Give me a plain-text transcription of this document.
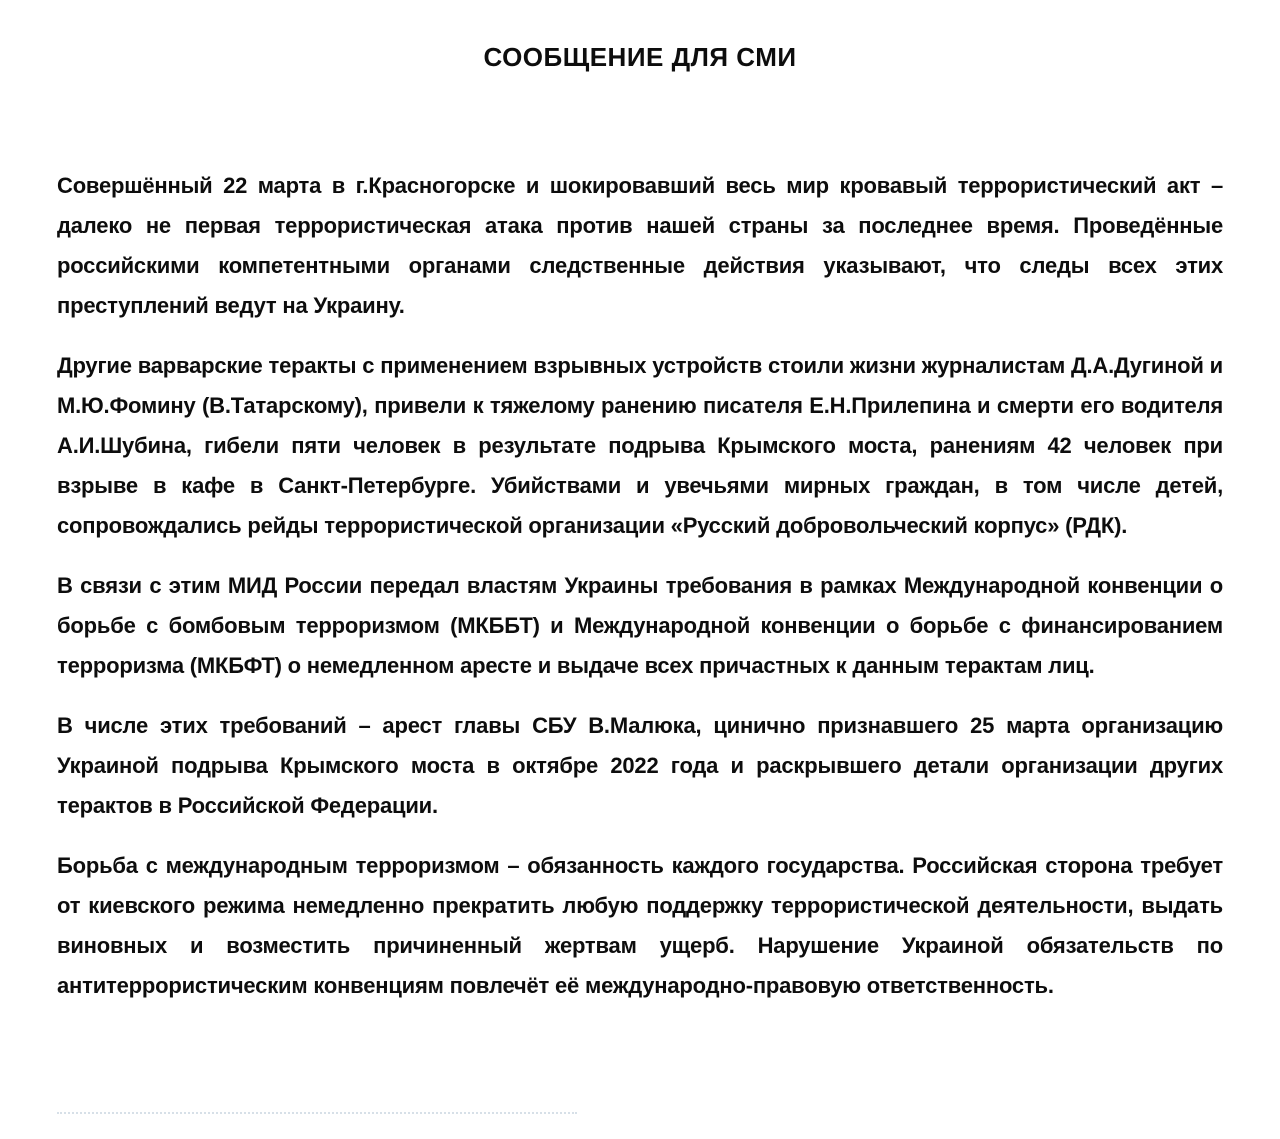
СООБЩЕНИЕ ДЛЯ СМИ

Совершённый 22 марта в г.Красногорске и шокировавший весь мир кровавый террористический акт – далеко не первая террористическая атака против нашей страны за последнее время. Проведённые российскими компетентными органами следственные действия указывают, что следы всех этих преступлений ведут на Украину.

Другие варварские теракты с применением взрывных устройств стоили жизни журналистам Д.А.Дугиной и М.Ю.Фомину (В.Татарскому), привели к тяжелому ранению писателя Е.Н.Прилепина и смерти его водителя А.И.Шубина, гибели пяти человек в результате подрыва Крымского моста, ранениям 42 человек при взрыве в кафе в Санкт-Петербурге. Убийствами и увечьями мирных граждан, в том числе детей, сопровождались рейды террористической организации «Русский добровольческий корпус» (РДК).

В связи с этим МИД России передал властям Украины требования в рамках Международной конвенции о борьбе с бомбовым терроризмом (МКББТ) и Международной конвенции о борьбе с финансированием терроризма (МКБФТ) о немедленном аресте и выдаче всех причастных к данным терактам лиц.

В числе этих требований – арест главы СБУ В.Малюка, цинично признавшего 25 марта организацию Украиной подрыва Крымского моста в октябре 2022 года и раскрывшего детали организации других терактов в Российской Федерации.

Борьба с международным терроризмом – обязанность каждого государства. Российская сторона требует от киевского режима немедленно прекратить любую поддержку террористической деятельности, выдать виновных и возместить причиненный жертвам ущерб. Нарушение Украиной обязательств по антитеррористическим конвенциям повлечёт её международно-правовую ответственность.
